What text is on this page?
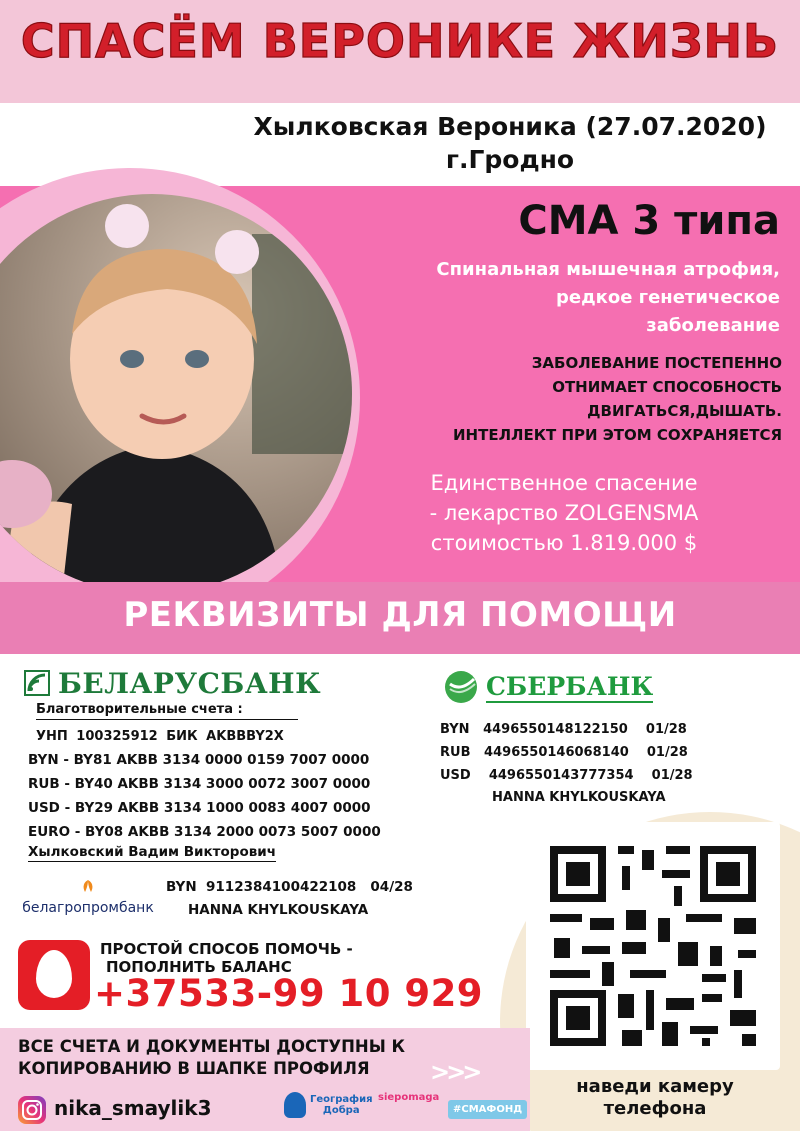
СПАСЁМ ВЕРОНИКЕ ЖИЗНЬ
Хылковская Вероника (27.07.2020)
г.Гродно
СМА 3 типа
Спинальная мышечная атрофия,
редкое генетическое
заболевание
ЗАБОЛЕВАНИЕ ПОСТЕПЕННО
ОТНИМАЕТ СПОСОБНОСТЬ
ДВИГАТЬСЯ,ДЫШАТЬ.
ИНТЕЛЛЕКТ ПРИ ЭТОМ СОХРАНЯЕТСЯ
Единственное спасение
- лекарство ZOLGENSMA
стоимостью 1.819.000 $
РЕКВИЗИТЫ ДЛЯ ПОМОЩИ
БЕЛАРУСБАНК
Благотворительные счета :
УНП 100325912 БИК AKBBBY2X
BYN - BY81 AKBB 3134 0000 0159 7007 0000
RUB - BY40 AKBB 3134 3000 0072 3007 0000
USD - BY29 AKBB 3134 1000 0083 4007 0000
EURO - BY08 AKBB 3134 2000 0073 5007 0000
Хылковский Вадим Викторович
СБЕРБАНК
BYN   4496550148122150    01/28
RUB   4496550146068140    01/28
USD    4496550143777354    01/28
HANNA KHYLKOUSKAYA
наведи камеру телефона
белагропромбанк
BYN  9112384100422108   04/28
HANNA KHYLKOUSKAYA
ПРОСТОЙ СПОСОБ ПОМОЧЬ -
ПОПОЛНИТЬ БАЛАНС
+37533-99 10 929
ВСЕ СЧЕТА И ДОКУМЕНТЫ ДОСТУПНЫ К КОПИРОВАНИЮ В ШАПКЕ ПРОФИЛЯ	>>>
nika_smaylik3	География
Добра
siepomaga
#СМАФОНД
